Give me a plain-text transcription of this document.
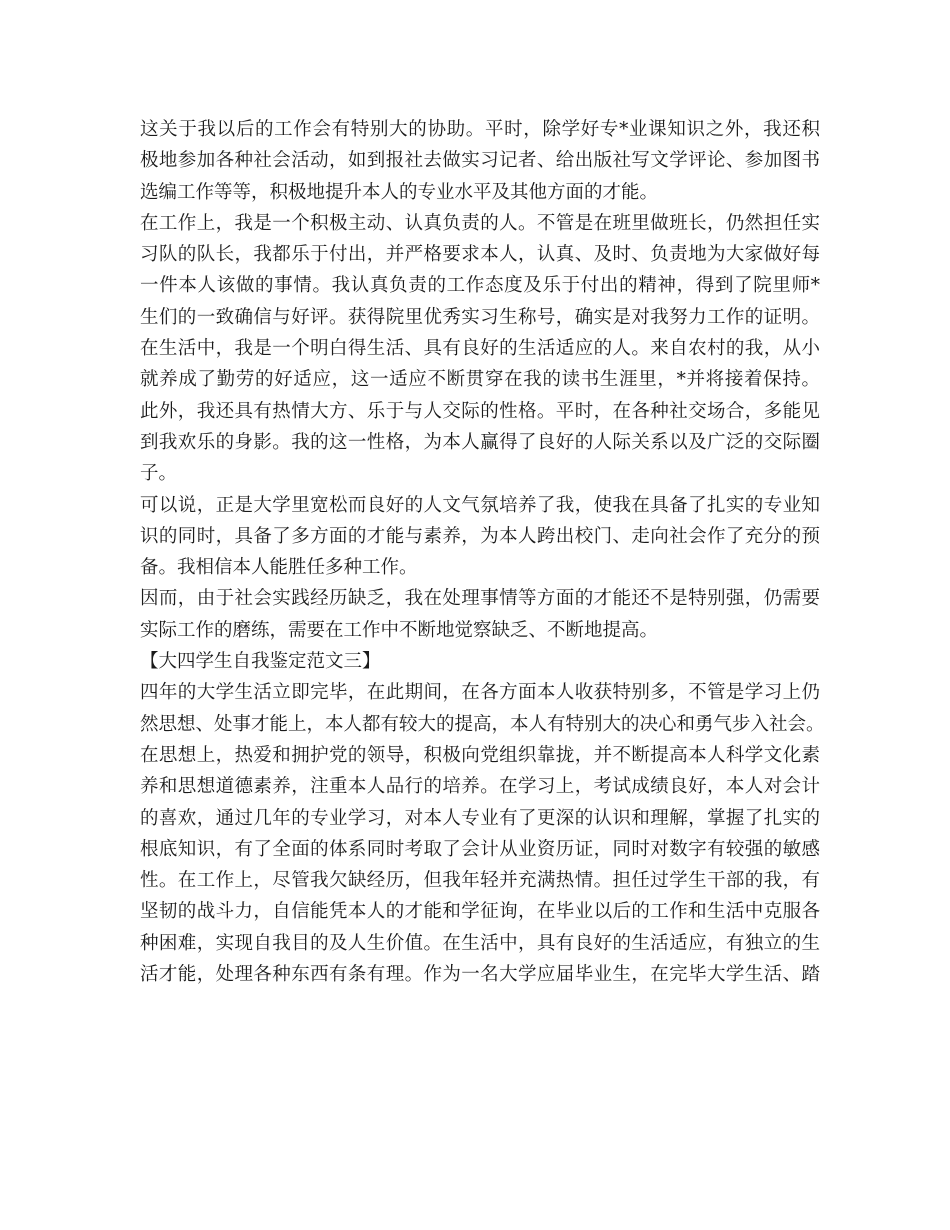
这关于我以后的工作会有特别大的协助。平时，除学好专*业课知识之外，我还积
极地参加各种社会活动，如到报社去做实习记者、给出版社写文学评论、参加图书
选编工作等等，积极地提升本人的专业水平及其他方面的才能。
在工作上，我是一个积极主动、认真负责的人。不管是在班里做班长，仍然担任实
习队的队长，我都乐于付出，并严格要求本人，认真、及时、负责地为大家做好每
一件本人该做的事情。我认真负责的工作态度及乐于付出的精神，得到了院里师*
生们的一致确信与好评。获得院里优秀实习生称号，确实是对我努力工作的证明。
在生活中，我是一个明白得生活、具有良好的生活适应的人。来自农村的我，从小
就养成了勤劳的好适应，这一适应不断贯穿在我的读书生涯里，*并将接着保持。
此外，我还具有热情大方、乐于与人交际的性格。平时，在各种社交场合，多能见
到我欢乐的身影。我的这一性格，为本人赢得了良好的人际关系以及广泛的交际圈
子。
可以说，正是大学里宽松而良好的人文气氛培养了我，使我在具备了扎实的专业知
识的同时，具备了多方面的才能与素养，为本人跨出校门、走向社会作了充分的预
备。我相信本人能胜任多种工作。
因而，由于社会实践经历缺乏，我在处理事情等方面的才能还不是特别强，仍需要
实际工作的磨练，需要在工作中不断地觉察缺乏、不断地提高。
【大四学生自我鉴定范文三】
四年的大学生活立即完毕，在此期间，在各方面本人收获特别多，不管是学习上仍
然思想、处事才能上，本人都有较大的提高，本人有特别大的决心和勇气步入社会。
在思想上，热爱和拥护党的领导，积极向党组织靠拢，并不断提高本人科学文化素
养和思想道德素养，注重本人品行的培养。在学习上，考试成绩良好，本人对会计
的喜欢，通过几年的专业学习，对本人专业有了更深的认识和理解，掌握了扎实的
根底知识，有了全面的体系同时考取了会计从业资历证，同时对数字有较强的敏感
性。在工作上，尽管我欠缺经历，但我年轻并充满热情。担任过学生干部的我，有
坚韧的战斗力，自信能凭本人的才能和学征询，在毕业以后的工作和生活中克服各
种困难，实现自我目的及人生价值。在生活中，具有良好的生活适应，有独立的生
活才能，处理各种东西有条有理。作为一名大学应届毕业生，在完毕大学生活、踏
